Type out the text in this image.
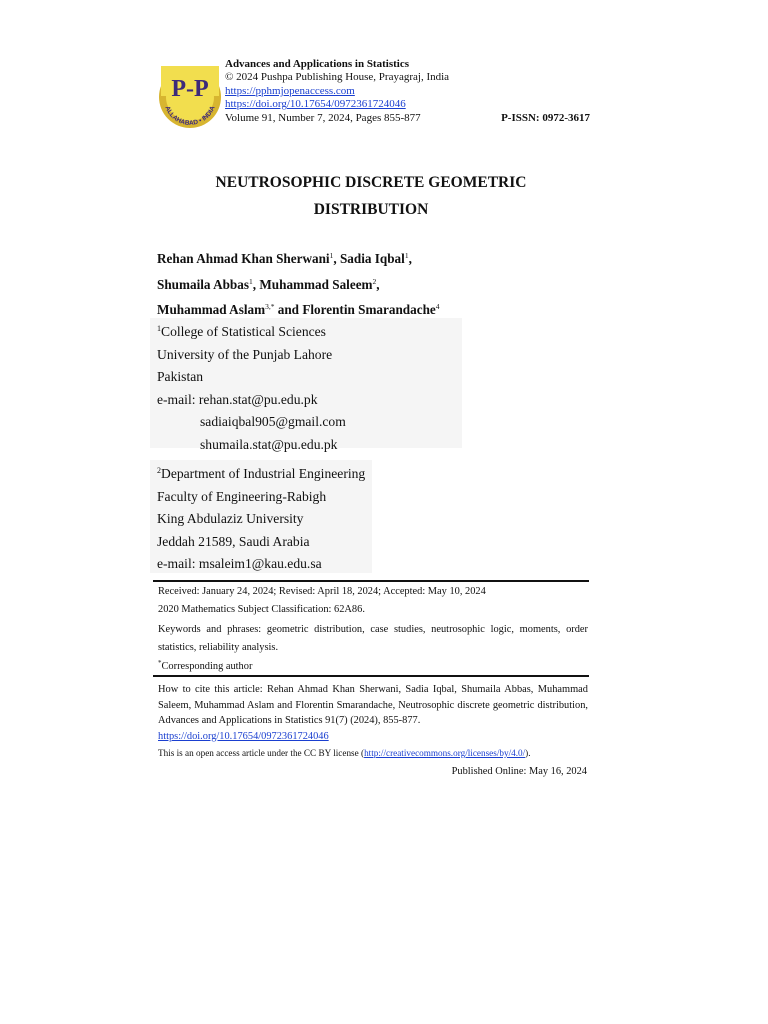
P-P
ALLAHABAD • INDIA
Advances and Applications in Statistics
© 2024 Pushpa Publishing House, Prayagraj, India
https://pphmjopenaccess.com
https://doi.org/10.17654/0972361724046
Volume 91, Number 7, 2024, Pages 855-877	P-ISSN: 0972-3617
NEUTROSOPHIC DISCRETE GEOMETRIC
DISTRIBUTION
Rehan Ahmad Khan Sherwani$^1$, Sadia Iqbal$^1$,
Shumaila Abbas$^1$, Muhammad Saleem$^2$,
Muhammad Aslam$^{3,*}$ and Florentin Smarandache$^4$
$^1$College of Statistical Sciences
University of the Punjab Lahore
Pakistan
e-mail: rehan.stat@pu.edu.pk
sadiaiqbal905@gmail.com
shumaila.stat@pu.edu.pk
$^2$Department of Industrial Engineering
Faculty of Engineering-Rabigh
King Abdulaziz University
Jeddah 21589, Saudi Arabia
e-mail: msaleim1@kau.edu.sa
Received: January 24, 2024; Revised: April 18, 2024; Accepted: May 10, 2024
2020 Mathematics Subject Classification: 62A86.
Keywords and phrases: geometric distribution, case studies, neutrosophic logic, moments, order statistics, reliability analysis.
*Corresponding author
How to cite this article: Rehan Ahmad Khan Sherwani, Sadia Iqbal, Shumaila Abbas, Muhammad Saleem, Muhammad Aslam and Florentin Smarandache, Neutrosophic discrete geometric distribution, Advances and Applications in Statistics 91(7) (2024), 855-877.
https://doi.org/10.17654/0972361724046
This is an open access article under the CC BY license (http://creativecommons.org/licenses/by/4.0/).
Published Online: May 16, 2024
